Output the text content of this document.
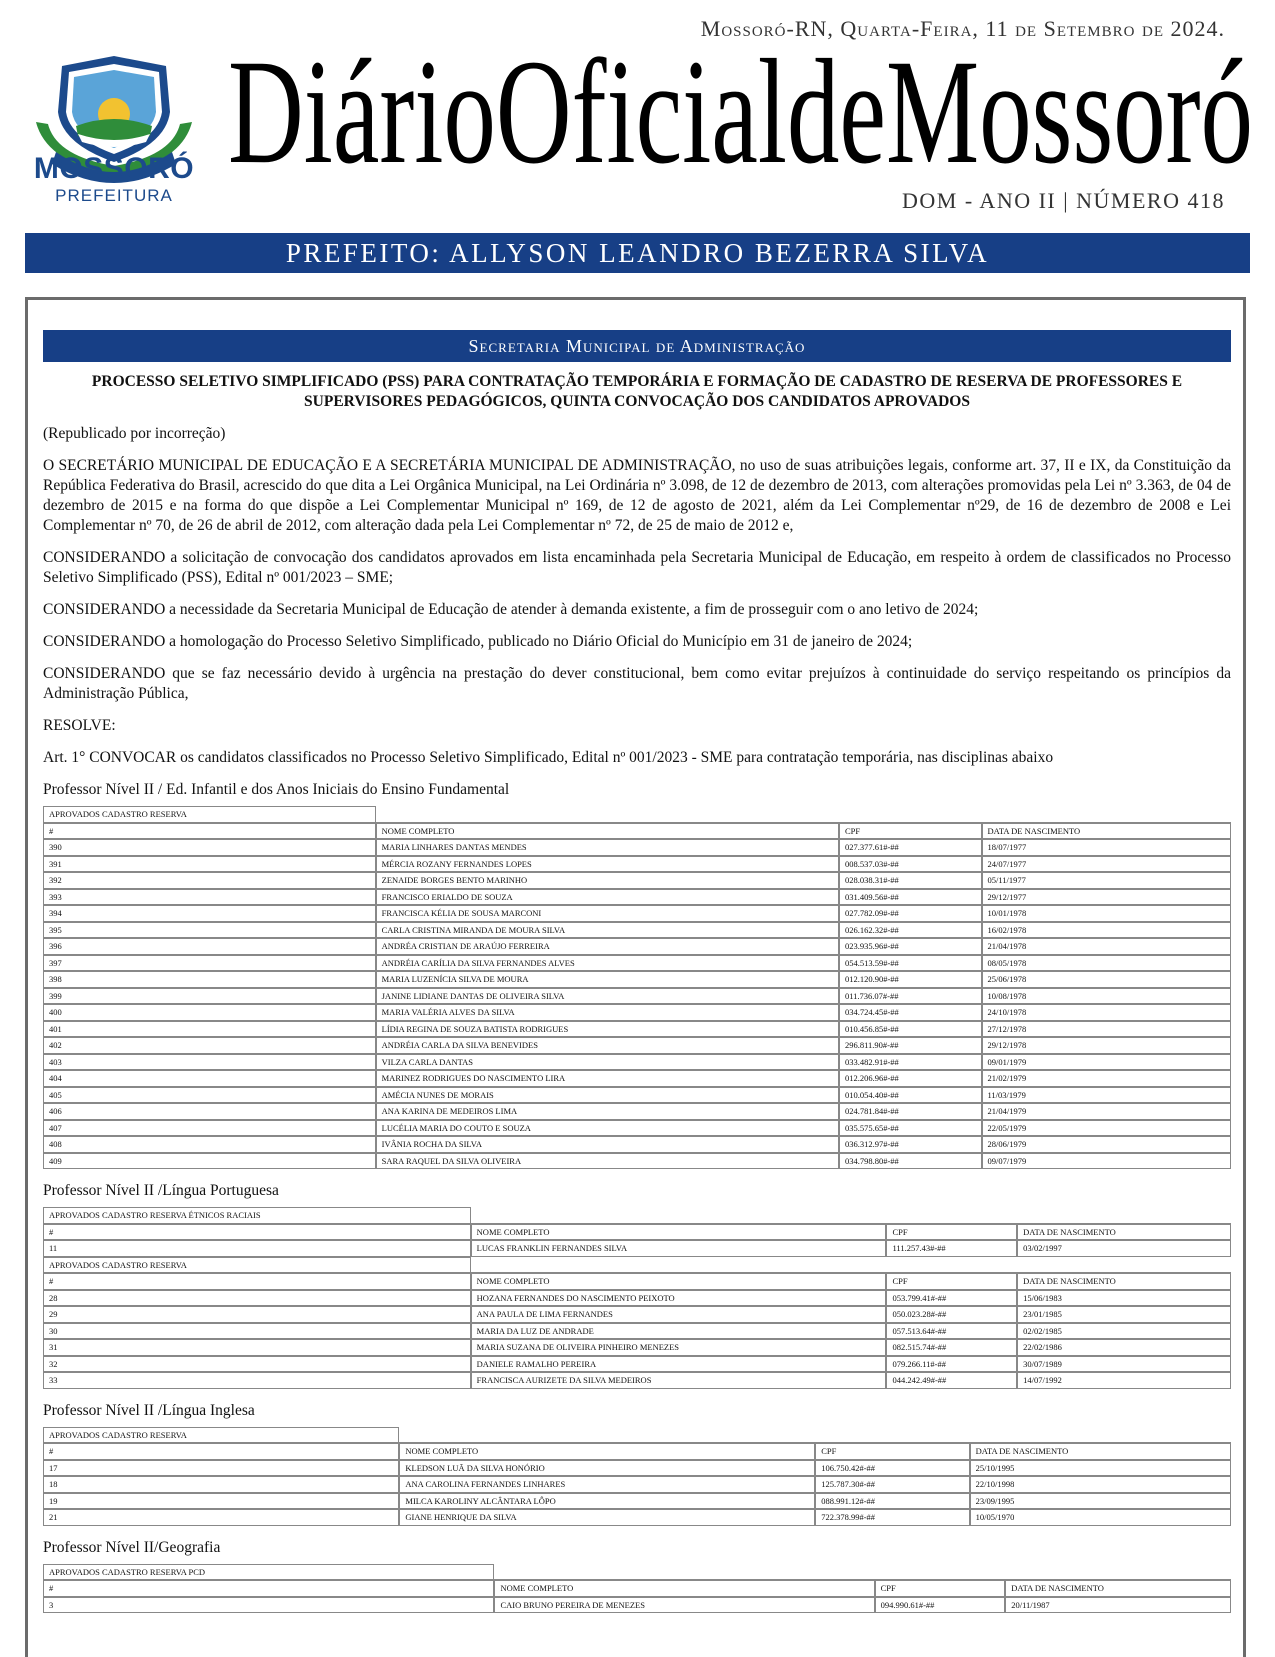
MOSSORÓ
PREFEITURA
Mossoró-RN, Quarta-Feira, 11 de Setembro de 2024.
DiárioOficialdeMossoró
DOM - ANO II | NÚMERO 418
PREFEITO: ALLYSON LEANDRO BEZERRA SILVA
Secretaria Municipal de Administração
PROCESSO SELETIVO SIMPLIFICADO (PSS) PARA CONTRATAÇÃO TEMPORÁRIA E FORMAÇÃO DE CADASTRO DE RESERVA DE PROFESSORES E SUPERVISORES PEDAGÓGICOS, QUINTA CONVOCAÇÃO DOS CANDIDATOS APROVADOS

(Republicado por incorreção)

O SECRETÁRIO MUNICIPAL DE EDUCAÇÃO E A SECRETÁRIA MUNICIPAL DE ADMINISTRAÇÃO, no uso de suas atribuições legais, conforme art. 37, II e IX, da Constituição da República Federativa do Brasil, acrescido do que dita a Lei Orgânica Municipal, na Lei Ordinária nº 3.098, de 12 de dezembro de 2013, com alterações promovidas pela Lei nº 3.363, de 04 de dezembro de 2015 e na forma do que dispõe a Lei Complementar Municipal nº 169, de 12 de agosto de 2021, além da Lei Complementar nº29, de 16 de dezembro de 2008 e Lei Complementar nº 70, de 26 de abril de 2012, com alteração dada pela Lei Complementar nº 72, de 25 de maio de 2012 e,

CONSIDERANDO a solicitação de convocação dos candidatos aprovados em lista encaminhada pela Secretaria Municipal de Educação, em respeito à ordem de classificados no Processo Seletivo Simplificado (PSS), Edital nº 001/2023 – SME;

CONSIDERANDO a necessidade da Secretaria Municipal de Educação de atender à demanda existente, a fim de prosseguir com o ano letivo de 2024;

CONSIDERANDO a homologação do Processo Seletivo Simplificado, publicado no Diário Oficial do Município em 31 de janeiro de 2024;

CONSIDERANDO que se faz necessário devido à urgência na prestação do dever constitucional, bem como evitar prejuízos à continuidade do serviço respeitando os princípios da Administração Pública,

RESOLVE:

Art. 1° CONVOCAR os candidatos classificados no Processo Seletivo Simplificado, Edital nº 001/2023 - SME para contratação temporária, nas disciplinas abaixo

Professor Nível II / Ed. Infantil e dos Anos Iniciais do Ensino Fundamental
APROVADOS CADASTRO RESERVA			
#	NOME COMPLETO	CPF	DATA DE NASCIMENTO
390	MARIA LINHARES DANTAS MENDES	027.377.61#-##	18/07/1977
391	MÉRCIA ROZANY FERNANDES LOPES	008.537.03#-##	24/07/1977
392	ZENAIDE BORGES BENTO MARINHO	028.038.31#-##	05/11/1977
393	FRANCISCO ERIALDO DE SOUZA	031.409.56#-##	29/12/1977
394	FRANCISCA KÉLIA DE SOUSA MARCONI	027.782.09#-##	10/01/1978
395	CARLA CRISTINA MIRANDA DE MOURA SILVA	026.162.32#-##	16/02/1978
396	ANDRÉA CRISTIAN DE ARAÚJO FERREIRA	023.935.96#-##	21/04/1978
397	ANDRÉIA CARÍLIA DA SILVA FERNANDES ALVES	054.513.59#-##	08/05/1978
398	MARIA LUZENÍCIA SILVA DE MOURA	012.120.90#-##	25/06/1978
399	JANINE LIDIANE DANTAS DE OLIVEIRA SILVA	011.736.07#-##	10/08/1978
400	MARIA VALÉRIA ALVES DA SILVA	034.724.45#-##	24/10/1978
401	LÍDIA REGINA DE SOUZA BATISTA RODRIGUES	010.456.85#-##	27/12/1978
402	ANDRÉIA CARLA DA SILVA BENEVIDES	296.811.90#-##	29/12/1978
403	VILZA CARLA DANTAS	033.482.91#-##	09/01/1979
404	MARINEZ RODRIGUES DO NASCIMENTO LIRA	012.206.96#-##	21/02/1979
405	AMÉCIA NUNES DE MORAIS	010.054.40#-##	11/03/1979
406	ANA KARINA DE MEDEIROS LIMA	024.781.84#-##	21/04/1979
407	LUCÉLIA MARIA DO COUTO E SOUZA	035.575.65#-##	22/05/1979
408	IVÂNIA ROCHA DA SILVA	036.312.97#-##	28/06/1979
409	SARA RAQUEL DA SILVA OLIVEIRA	034.798.80#-##	09/07/1979
Professor Nível II /Língua Portuguesa
APROVADOS CADASTRO RESERVA ÉTNICOS RACIAIS			
#	NOME COMPLETO	CPF	DATA DE NASCIMENTO
11	LUCAS FRANKLIN FERNANDES SILVA	111.257.43#-##	03/02/1997
APROVADOS CADASTRO RESERVA			
#	NOME COMPLETO	CPF	DATA DE NASCIMENTO
28	HOZANA FERNANDES DO NASCIMENTO PEIXOTO	053.799.41#-##	15/06/1983
29	ANA PAULA DE LIMA FERNANDES	050.023.28#-##	23/01/1985
30	MARIA DA LUZ DE ANDRADE	057.513.64#-##	02/02/1985
31	MARIA SUZANA DE OLIVEIRA PINHEIRO MENEZES	082.515.74#-##	22/02/1986
32	DANIELE RAMALHO PEREIRA	079.266.11#-##	30/07/1989
33	FRANCISCA AURIZETE DA SILVA MEDEIROS	044.242.49#-##	14/07/1992
Professor Nível II /Língua Inglesa
APROVADOS CADASTRO RESERVA			
#	NOME COMPLETO	CPF	DATA DE NASCIMENTO
17	KLEDSON LUÃ DA SILVA HONÓRIO	106.750.42#-##	25/10/1995
18	ANA CAROLINA FERNANDES LINHARES	125.787.30#-##	22/10/1998
19	MILCA KAROLINY ALCÂNTARA LÔPO	088.991.12#-##	23/09/1995
21	GIANE HENRIQUE DA SILVA	722.378.99#-##	10/05/1970
Professor Nível II/Geografia
APROVADOS CADASTRO RESERVA PCD			
#	NOME COMPLETO	CPF	DATA DE NASCIMENTO
3	CAIO BRUNO PEREIRA DE MENEZES	094.990.61#-##	20/11/1987
